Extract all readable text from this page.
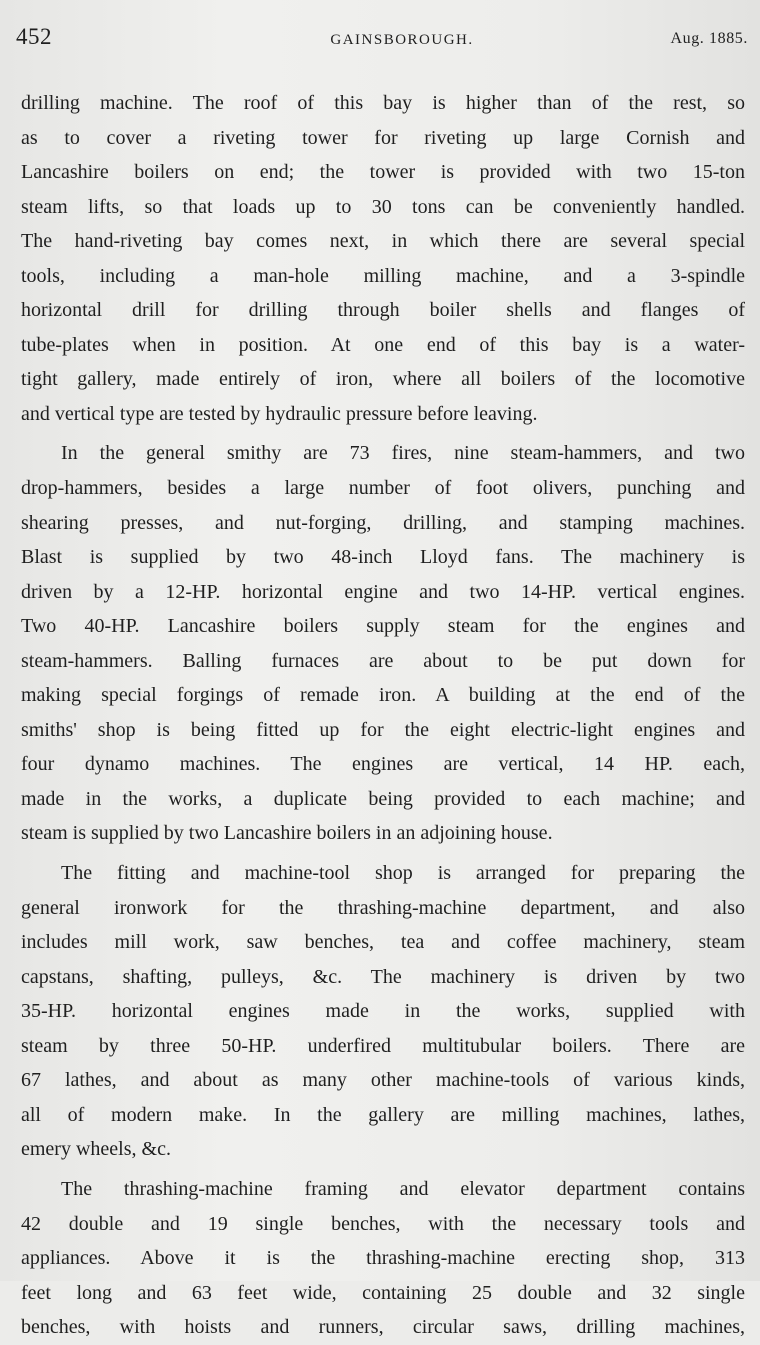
452	GAINSBOROUGH.	Aug. 1885.
drilling machine. The roof of this bay is higher than of the rest, so
as to cover a riveting tower for riveting up large Cornish and
Lancashire boilers on end; the tower is provided with two 15-ton
steam lifts, so that loads up to 30 tons can be conveniently handled.
The hand-riveting bay comes next, in which there are several special
tools, including a man-hole milling machine, and a 3-spindle
horizontal drill for drilling through boiler shells and flanges of
tube-plates when in position. At one end of this bay is a water-
tight gallery, made entirely of iron, where all boilers of the locomotive
and vertical type are tested by hydraulic pressure before leaving.
In the general smithy are 73 fires, nine steam-hammers, and two
drop-hammers, besides a large number of foot olivers, punching and
shearing presses, and nut-forging, drilling, and stamping machines.
Blast is supplied by two 48-inch Lloyd fans. The machinery is
driven by a 12-HP. horizontal engine and two 14-HP. vertical engines.
Two 40-HP. Lancashire boilers supply steam for the engines and
steam-hammers. Balling furnaces are about to be put down for
making special forgings of remade iron. A building at the end of the
smiths' shop is being fitted up for the eight electric-light engines and
four dynamo machines. The engines are vertical, 14 HP. each,
made in the works, a duplicate being provided to each machine; and
steam is supplied by two Lancashire boilers in an adjoining house.
The fitting and machine-tool shop is arranged for preparing the
general ironwork for the thrashing-machine department, and also
includes mill work, saw benches, tea and coffee machinery, steam
capstans, shafting, pulleys, &c. The machinery is driven by two
35-HP. horizontal engines made in the works, supplied with
steam by three 50-HP. underfired multitubular boilers. There are
67 lathes, and about as many other machine-tools of various kinds,
all of modern make. In the gallery are milling machines, lathes,
emery wheels, &c.
The thrashing-machine framing and elevator department contains
42 double and 19 single benches, with the necessary tools and
appliances. Above it is the thrashing-machine erecting shop, 313
feet long and 63 feet wide, containing 25 double and 32 single
benches, with hoists and runners, circular saws, drilling machines,
